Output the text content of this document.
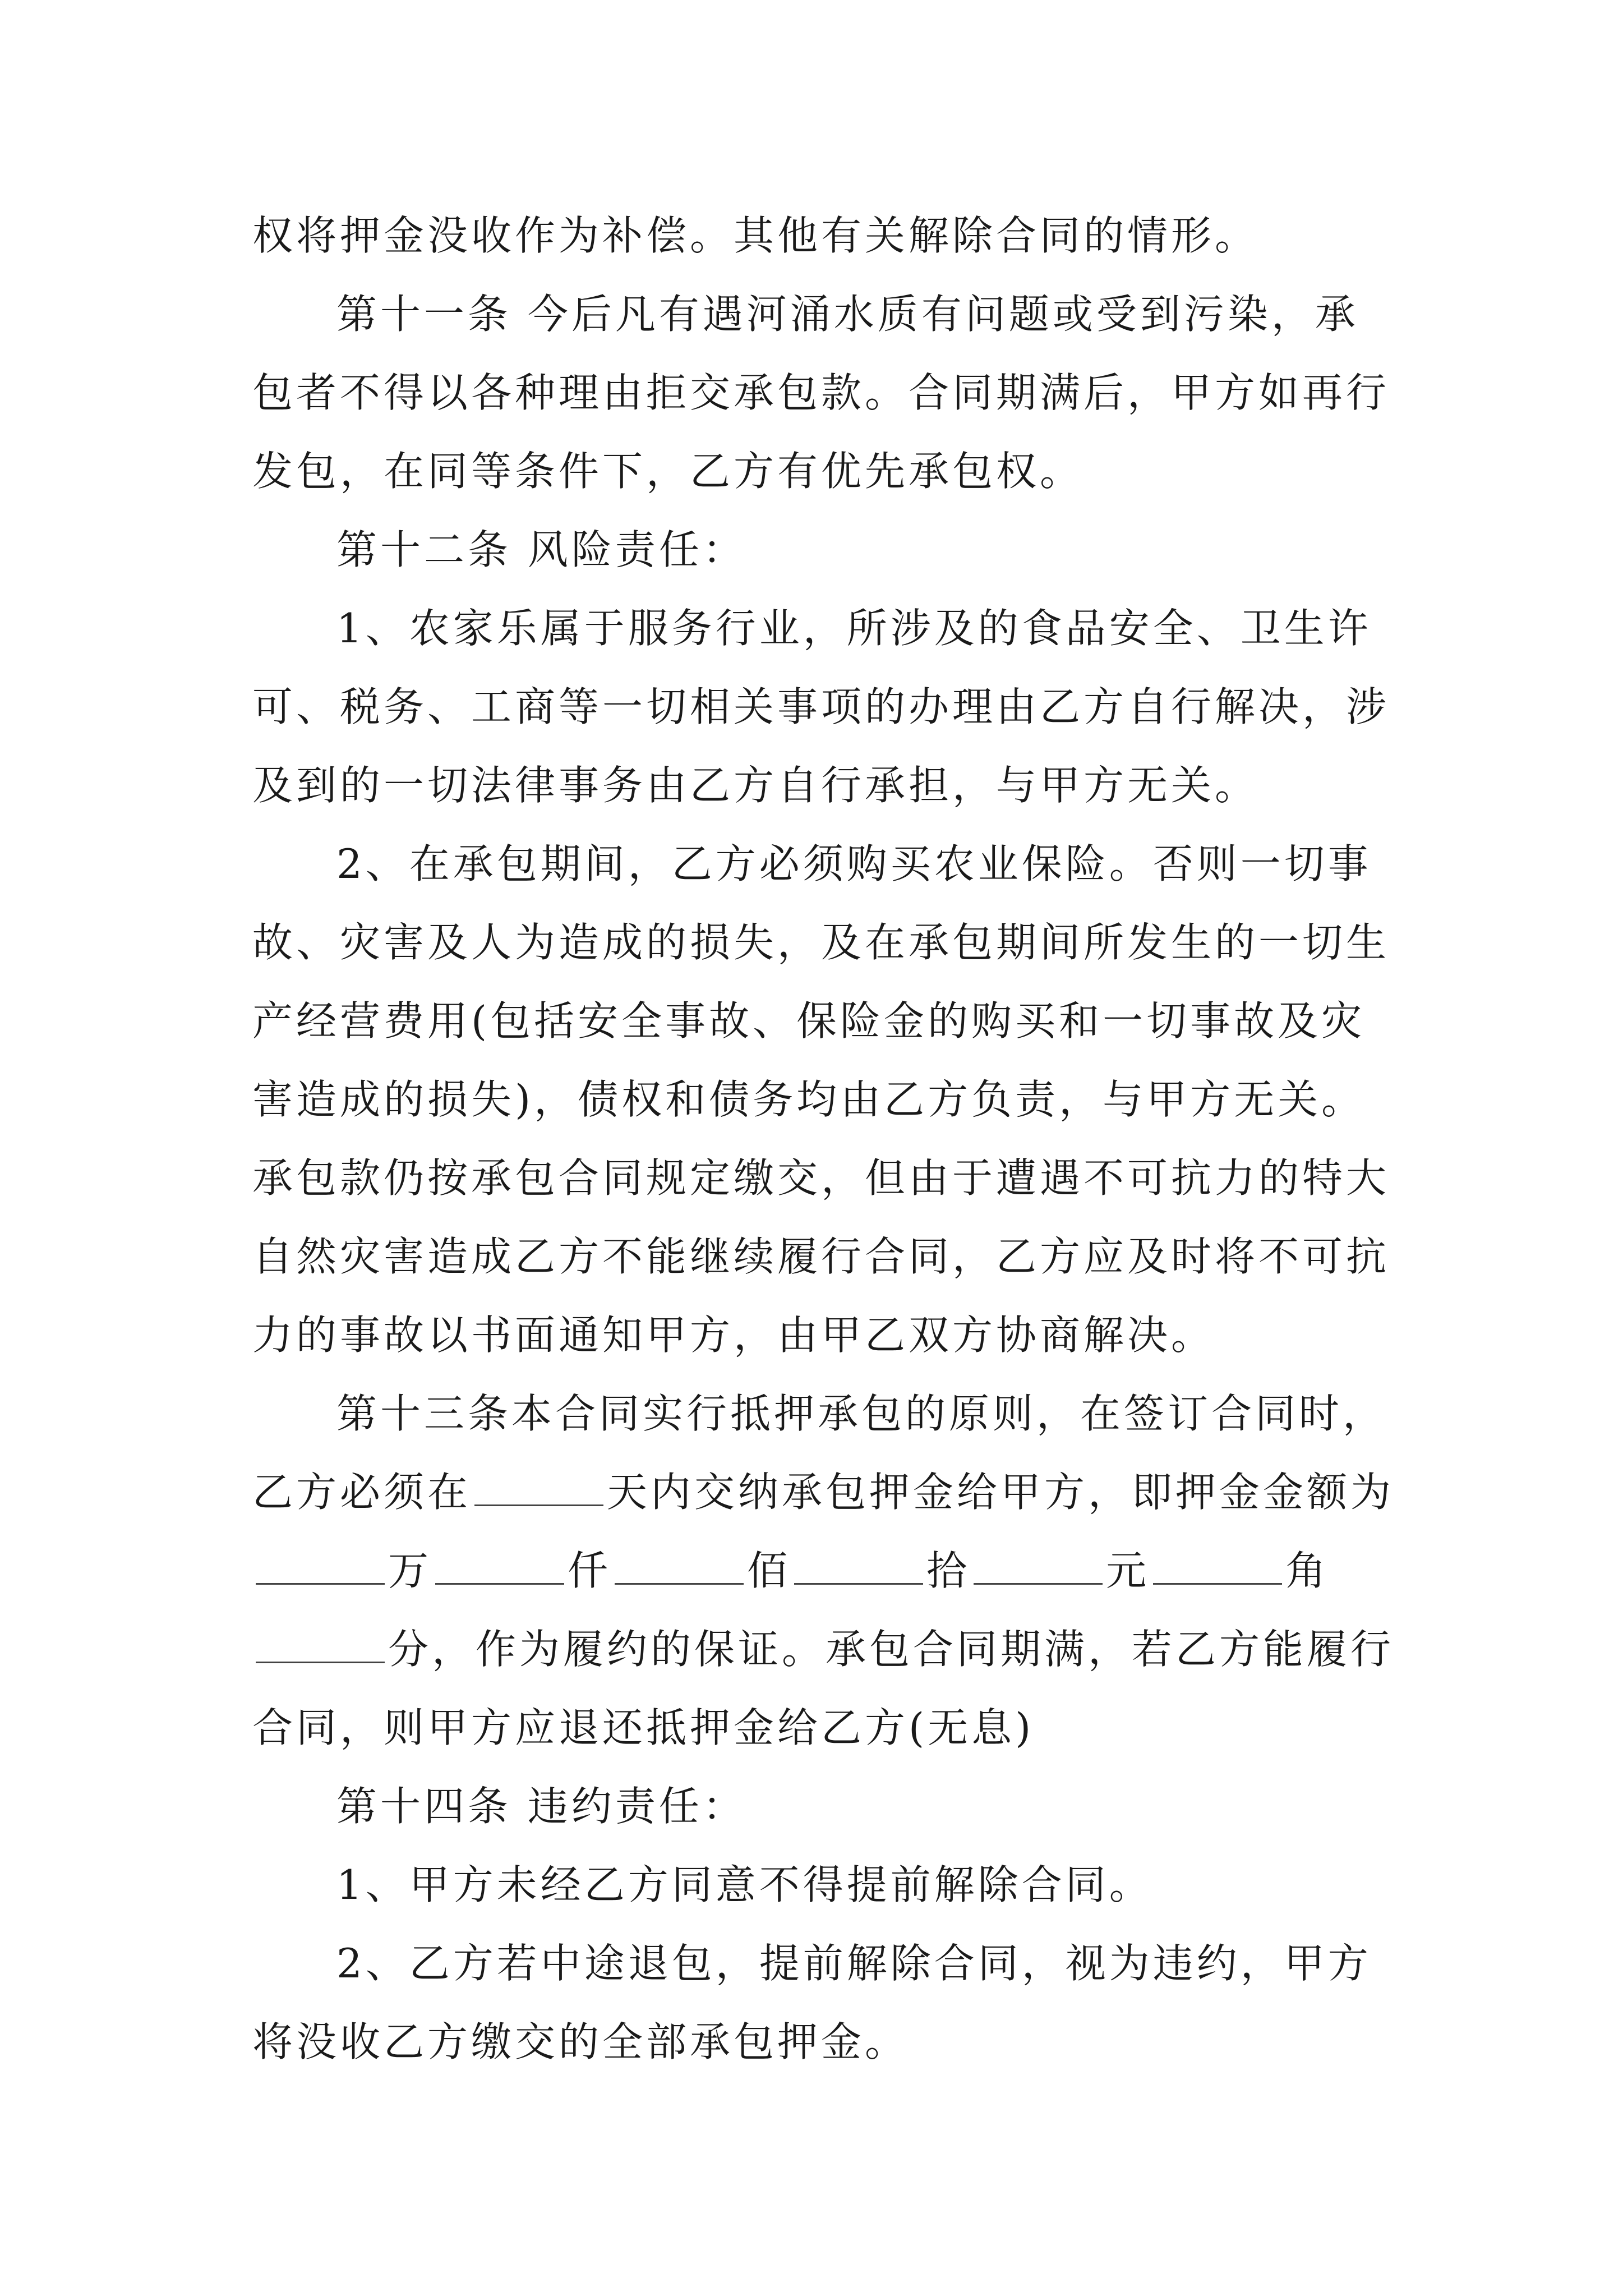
权将押金没收作为补偿。其他有关解除合同的情形。
第十一条 今后凡有遇河涌水质有问题或受到污染，承
包者不得以各种理由拒交承包款。合同期满后，甲方如再行
发包，在同等条件下，乙方有优先承包权。
第十二条 风险责任：
1、农家乐属于服务行业，所涉及的食品安全、卫生许
可、税务、工商等一切相关事项的办理由乙方自行解决，涉
及到的一切法律事务由乙方自行承担，与甲方无关。
2、在承包期间，乙方必须购买农业保险。否则一切事
故、灾害及人为造成的损失，及在承包期间所发生的一切生
产经营费用(包括安全事故、保险金的购买和一切事故及灾
害造成的损失)，债权和债务均由乙方负责，与甲方无关。
承包款仍按承包合同规定缴交，但由于遭遇不可抗力的特大
自然灾害造成乙方不能继续履行合同，乙方应及时将不可抗
力的事故以书面通知甲方，由甲乙双方协商解决。
第十三条本合同实行抵押承包的原则，在签订合同时，
乙方必须在	天内交纳承包押金给甲方，即押金金额为
万	仟	佰	拾	元	角
分，作为履约的保证。承包合同期满，若乙方能履行
合同，则甲方应退还抵押金给乙方(无息)
第十四条 违约责任：
1、甲方未经乙方同意不得提前解除合同。
2、乙方若中途退包，提前解除合同，视为违约，甲方
将没收乙方缴交的全部承包押金。
